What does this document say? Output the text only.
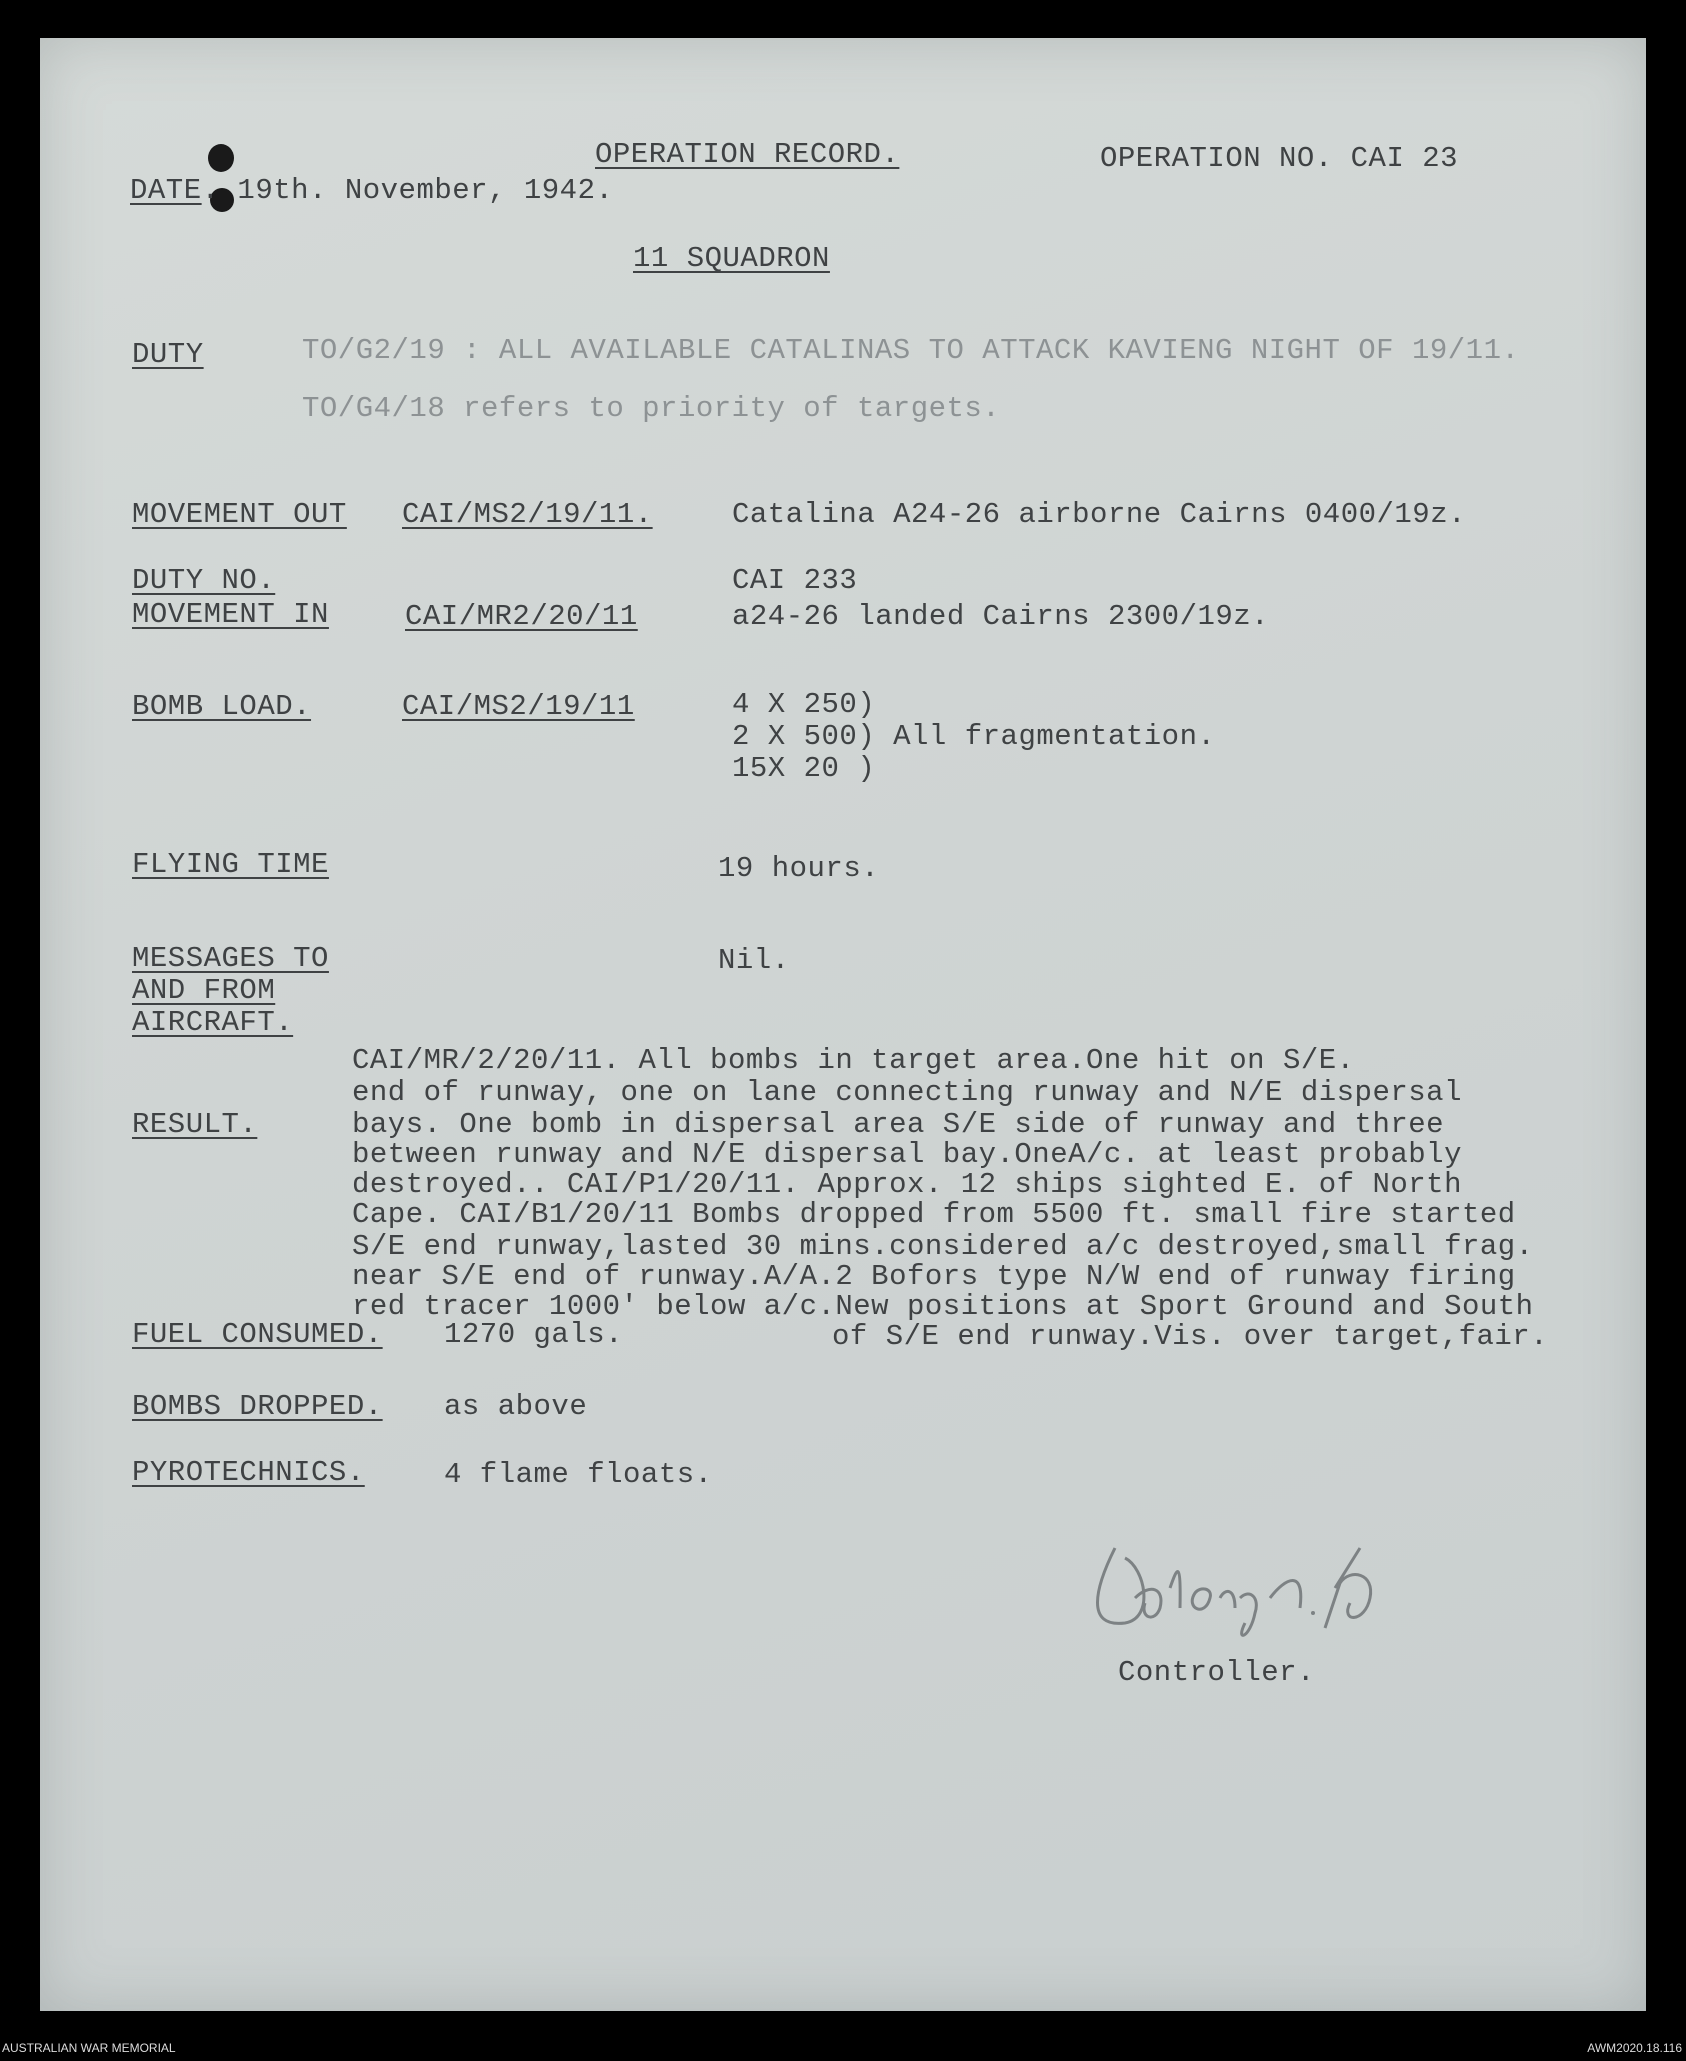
OPERATION RECORD.	OPERATION NO. CAI 23
DATE. 19th. November, 1942.
11 SQUADRON
DUTY	TO/G2/19 : ALL AVAILABLE CATALINAS TO ATTACK KAVIENG NIGHT OF 19/11.
TO/G4/18 refers to priority of targets.
MOVEMENT OUT CAI/MS2/19/11.	Catalina A24-26 airborne Cairns 0400/19z.
DUTY NO.	CAI 233
MOVEMENT IN	CAI/MR2/20/11	a24-26 landed Cairns 2300/19z.
BOMB LOAD.	CAI/MS2/19/11	4 X 250)
2 X 500) All fragmentation.
15X 20 )
FLYING TIME	19 hours.
MESSAGES TO
AND FROM
AIRCRAFT.
Nil.
RESULT.
CAI/MR/2/20/11. All bombs in target area.One hit on S/E.
end of runway, one on lane connecting runway and N/E dispersal
bays. One bomb in dispersal area S/E side of runway and three
between runway and N/E dispersal bay.OneA/c. at least probably
destroyed.. CAI/P1/20/11. Approx. 12 ships sighted E. of North
Cape. CAI/B1/20/11 Bombs dropped from 5500 ft. small fire started
S/E end runway,lasted 30 mins.considered a/c destroyed,small frag.
near S/E end of runway.A/A.2 Bofors type N/W end of runway firing
red tracer 1000' below a/c.New positions at Sport Ground and South
of S/E end runway.Vis. over target,fair.
FUEL CONSUMED. 1270 gals.
BOMBS DROPPED. as above
PYROTECHNICS.	4 flame floats.
Controller.
AUSTRALIAN WAR MEMORIAL	AWM2020.18.116
